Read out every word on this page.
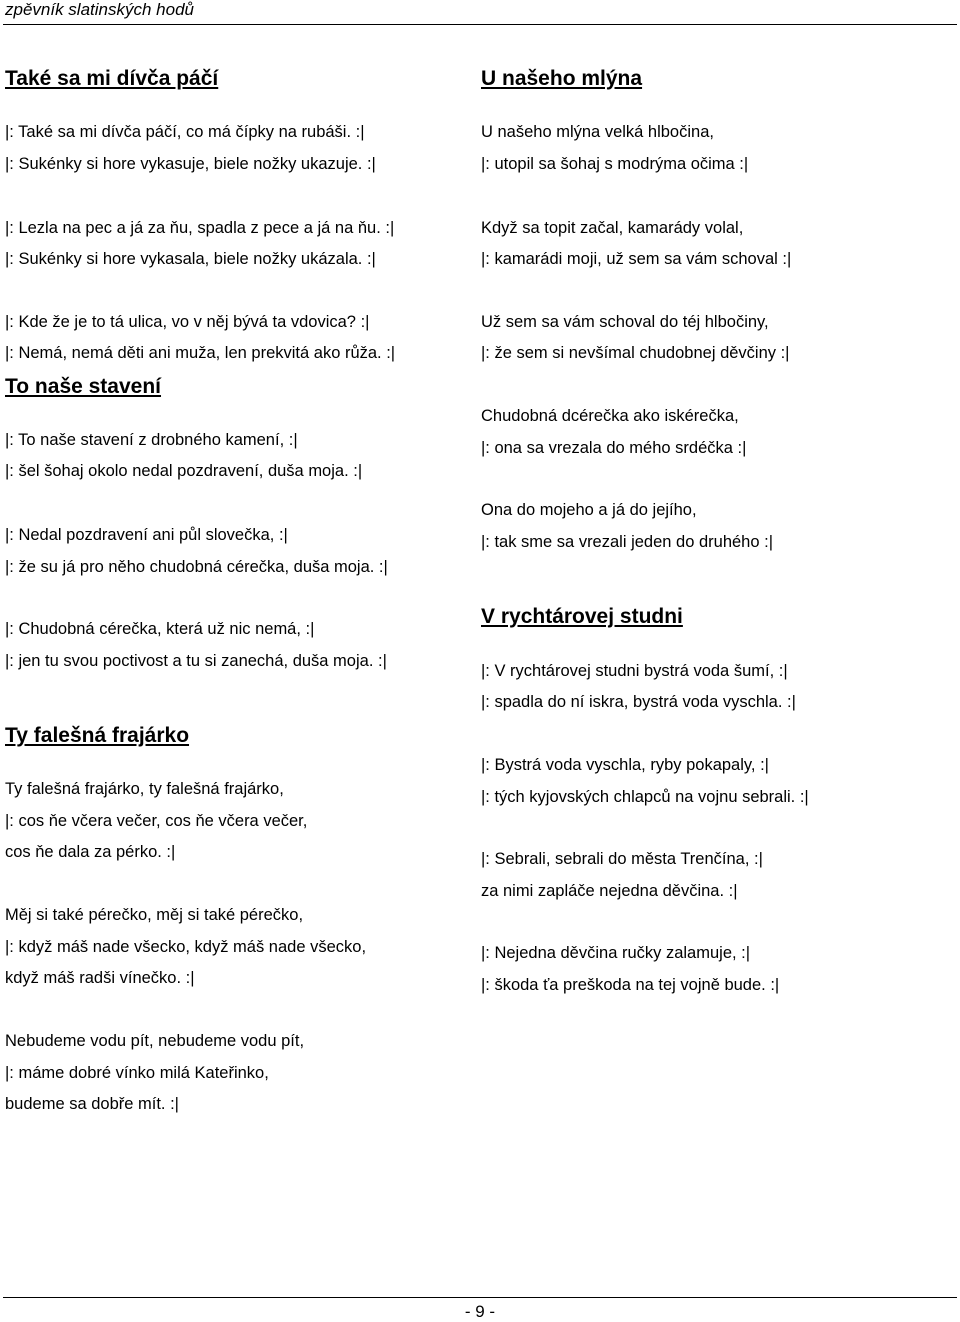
zpěvník slatinských hodů
Také sa mi dívča páčí
|: Také sa mi dívča páčí, co má čípky na rubáši. :|
|: Sukénky si hore vykasuje, biele nožky ukazuje. :|
|: Lezla na pec a já za ňu, spadla z pece a já na ňu. :|
|: Sukénky si hore vykasala, biele nožky ukázala. :|
|: Kde že je to tá ulica, vo v něj bývá ta vdovica? :|
|: Nemá, nemá děti ani muža, len prekvitá ako růža. :|
To naše stavení
|: To naše stavení z drobného kamení, :|
|: šel šohaj okolo nedal pozdravení, duša moja. :|
|: Nedal pozdravení ani půl slovečka, :|
|: že su já pro něho chudobná cérečka, duša moja. :|
|: Chudobná cérečka, která už nic nemá, :|
|: jen tu svou poctivost a tu si zanechá, duša moja. :|
Ty falešná frajárko
Ty falešná frajárko, ty falešná frajárko,
|: cos ňe včera večer, cos ňe včera večer,
cos ňe dala za pérko. :|
Měj si také pérečko, měj si také pérečko,
|: když máš nade všecko, když máš nade všecko,
když máš radši vínečko. :|
Nebudeme vodu pít, nebudeme vodu pít,
|: máme dobré vínko milá Kateřinko,
budeme sa dobře mít. :|
U našeho mlýna
U našeho mlýna velká hlbočina,
|: utopil sa šohaj s modrýma očima :|
Když sa topit začal, kamarády volal,
|: kamarádi moji, už sem sa vám schoval :|
Už sem sa vám schoval do téj hlbočiny,
|: že sem si nevšímal chudobnej děvčiny :|
Chudobná dcérečka ako iskérečka,
|: ona sa vrezala do mého srdéčka :|
Ona do mojeho a já do jejího,
|: tak sme sa vrezali jeden do druhého :|
V rychtárovej studni
|: V rychtárovej studni bystrá voda šumí, :|
|: spadla do ní iskra, bystrá voda vyschla. :|
|: Bystrá voda vyschla, ryby pokapaly, :|
|: tých kyjovských chlapců na vojnu sebrali. :|
|: Sebrali, sebrali do města Trenčína, :|
za nimi zapláče nejedna děvčina. :|
|: Nejedna děvčina ručky zalamuje, :|
|: škoda ťa preškoda na tej vojně bude. :|
- 9 -
